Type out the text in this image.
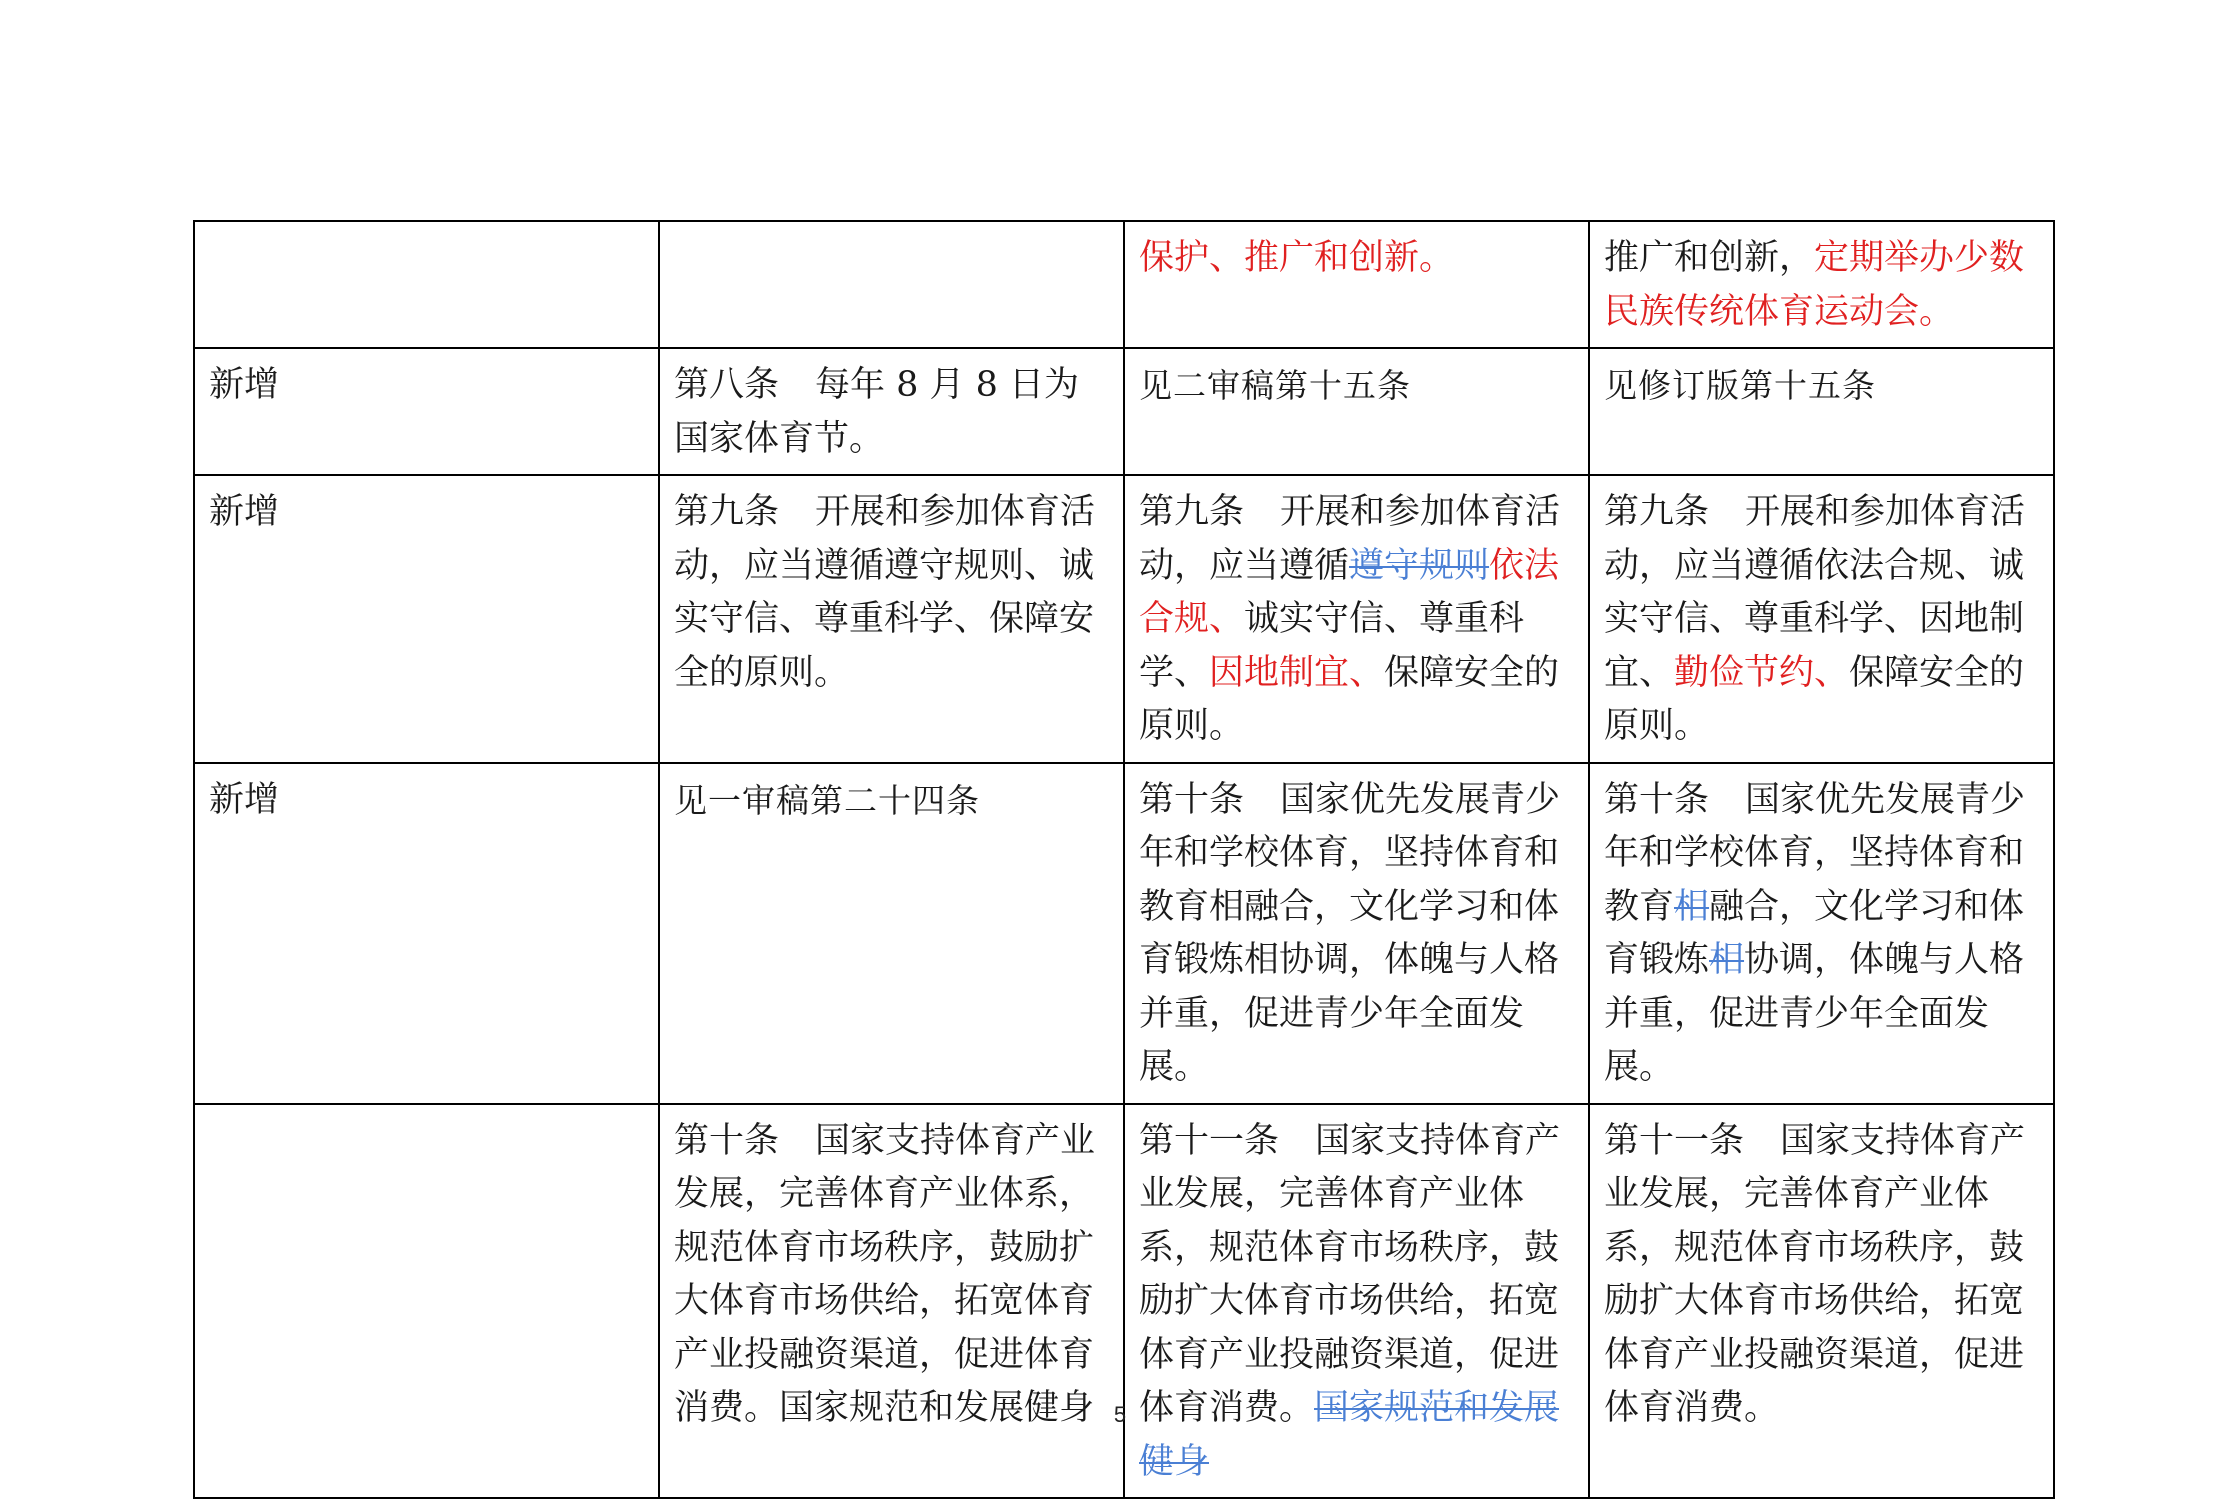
		保护、推广和创新。	推广和创新，定期举办少数民族传统体育运动会。
新增	第八条 每年 8 月 8 日为国家体育节。	见二审稿第十五条	见修订版第十五条
新增	第九条 开展和参加体育活动，应当遵循遵守规则、诚实守信、尊重科学、保障安全的原则。	第九条 开展和参加体育活动，应当遵循遵守规则依法合规、诚实守信、尊重科学、因地制宜、保障安全的原则。	第九条 开展和参加体育活动，应当遵循依法合规、诚实守信、尊重科学、因地制宜、勤俭节约、保障安全的原则。
新增	见一审稿第二十四条	第十条 国家优先发展青少年和学校体育，坚持体育和教育相融合，文化学习和体育锻炼相协调，体魄与人格并重，促进青少年全面发展。	第十条 国家优先发展青少年和学校体育，坚持体育和教育相融合，文化学习和体育锻炼相协调，体魄与人格并重，促进青少年全面发展。
	第十条 国家支持体育产业发展，完善体育产业体系，规范体育市场秩序，鼓励扩大体育市场供给，拓宽体育产业投融资渠道，促进体育消费。国家规范和发展健身	第十一条 国家支持体育产业发展，完善体育产业体系，规范体育市场秩序，鼓励扩大体育市场供给，拓宽体育产业投融资渠道，促进体育消费。国家规范和发展健身	第十一条 国家支持体育产业发展，完善体育产业体系，规范体育市场秩序，鼓励扩大体育市场供给，拓宽体育产业投融资渠道，促进体育消费。
5
